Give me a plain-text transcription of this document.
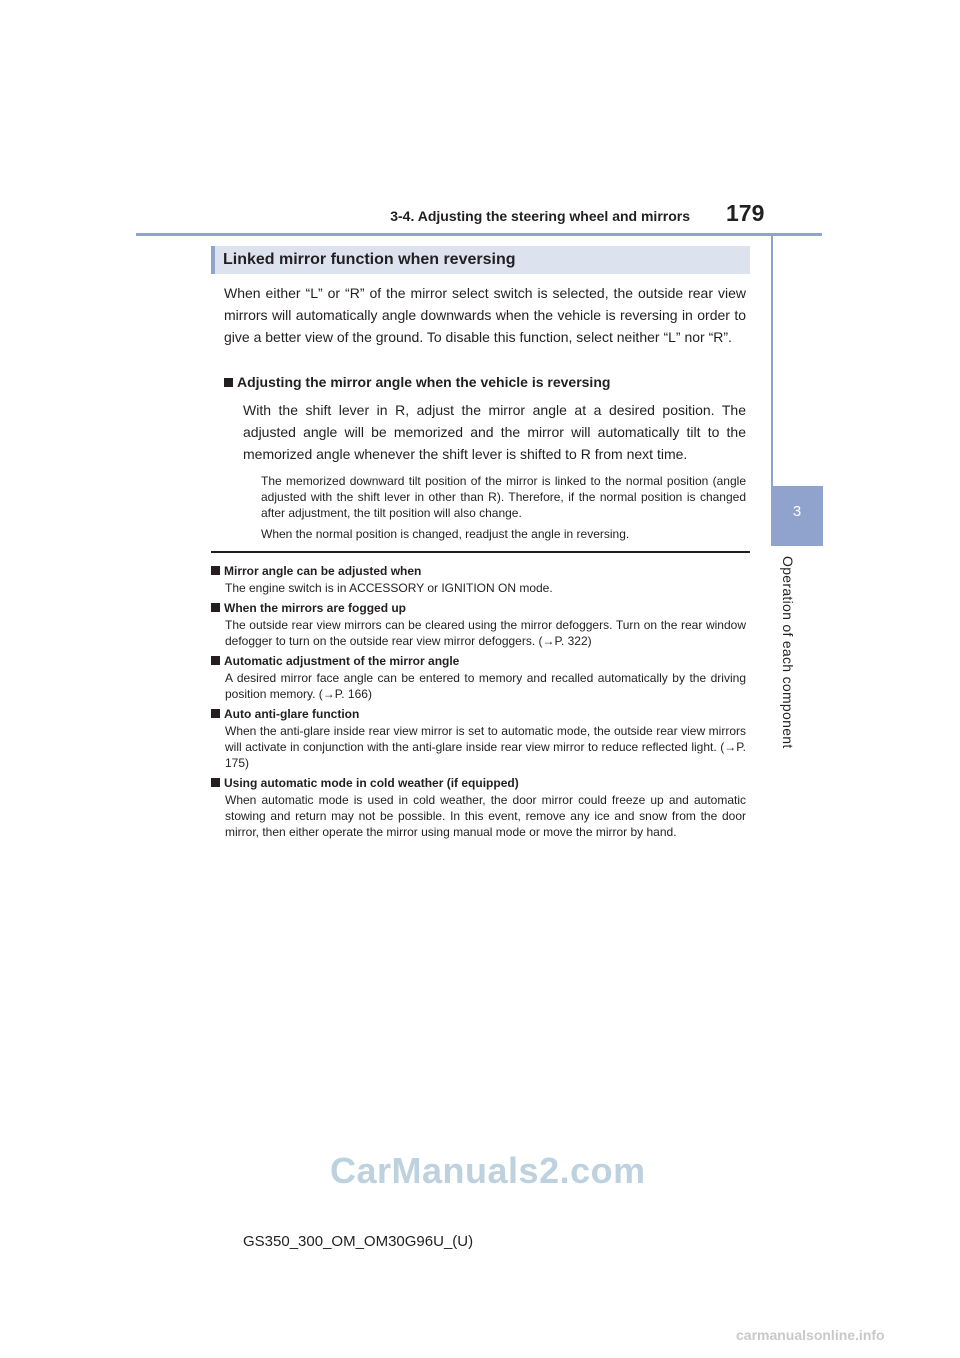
3-4. Adjusting the steering wheel and mirrors 179
3
Operation of each component
Linked mirror function when reversing
When either “L” or “R” of the mirror select switch is selected, the outside rear view mirrors will automatically angle downwards when the vehicle is reversing in order to give a better view of the ground. To disable this function, select neither “L” nor “R”.
Adjusting the mirror angle when the vehicle is reversing
With the shift lever in R, adjust the mirror angle at a desired position. The adjusted angle will be memorized and the mirror will automatically tilt to the memorized angle whenever the shift lever is shifted to R from next time.
The memorized downward tilt position of the mirror is linked to the normal position (angle adjusted with the shift lever in other than R). Therefore, if the normal position is changed after adjustment, the tilt position will also change.
When the normal position is changed, readjust the angle in reversing.
Mirror angle can be adjusted when
The engine switch is in ACCESSORY or IGNITION ON mode.
When the mirrors are fogged up
The outside rear view mirrors can be cleared using the mirror defoggers. Turn on the rear window defogger to turn on the outside rear view mirror defoggers. (→P. 322)
Automatic adjustment of the mirror angle
A desired mirror face angle can be entered to memory and recalled automatically by the driving position memory. (→P. 166)
Auto anti-glare function
When the anti-glare inside rear view mirror is set to automatic mode, the outside rear view mirrors will activate in conjunction with the anti-glare inside rear view mirror to reduce reflected light. (→P. 175)
Using automatic mode in cold weather (if equipped)
When automatic mode is used in cold weather, the door mirror could freeze up and automatic stowing and return may not be possible. In this event, remove any ice and snow from the door mirror, then either operate the mirror using manual mode or move the mirror by hand.
CarManuals2.com
GS350_300_OM_OM30G96U_(U)
carmanualsonline.info
